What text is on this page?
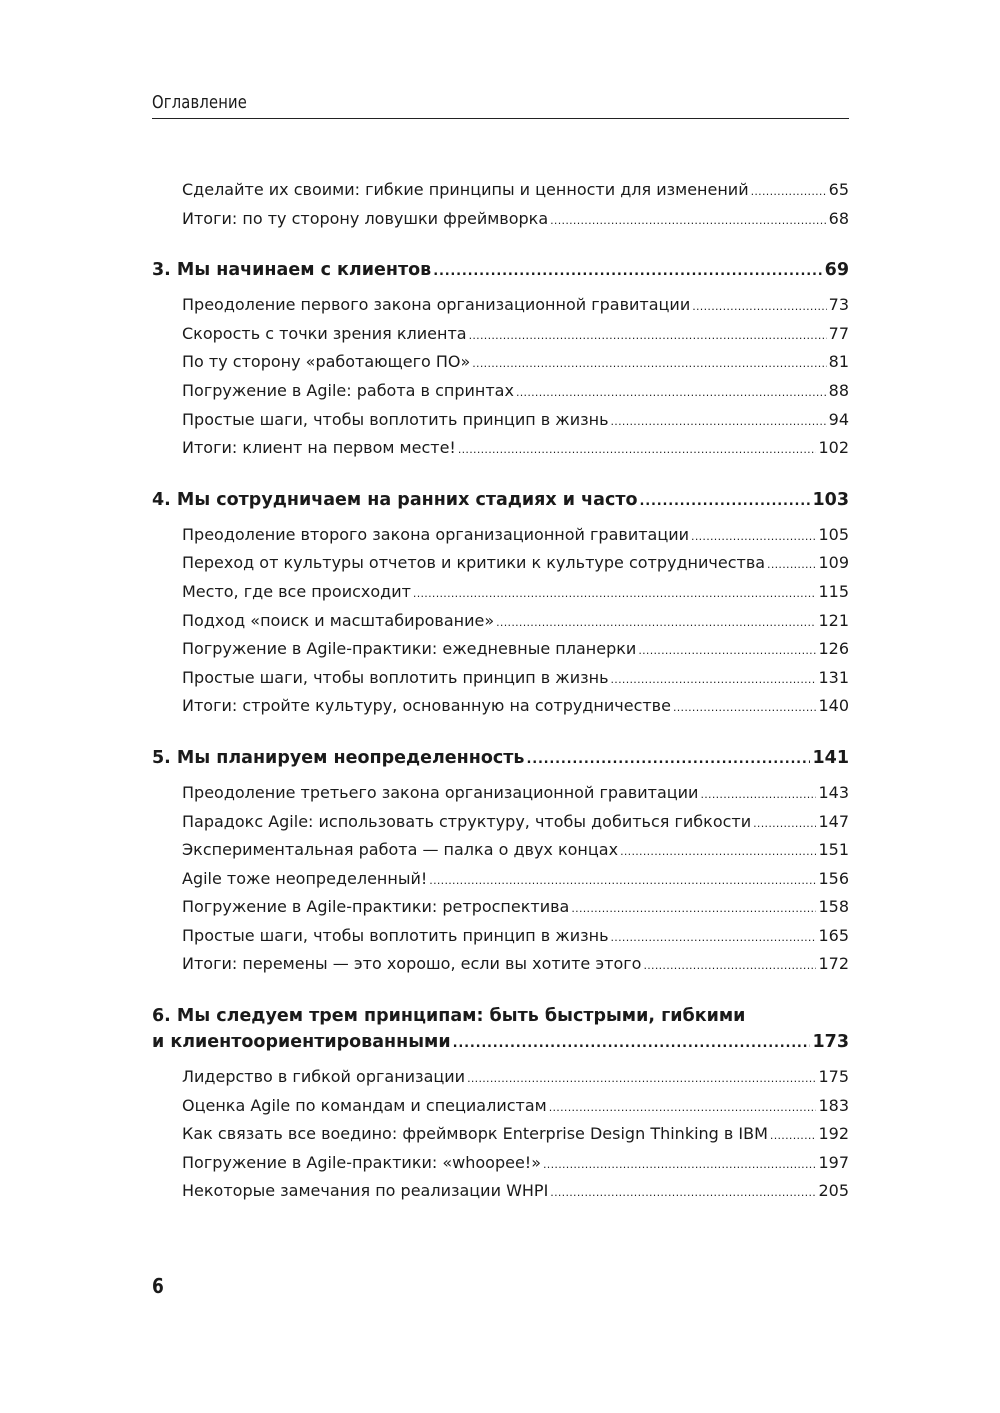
Оглавление
Сделайте их своими: гибкие принципы и ценности для изменений .....	65
Итоги: по ту сторону ловушки фреймворка .....	68
3. Мы начинаем с клиентов .....	69
Преодоление первого закона организационной гравитации .....	73
Скорость с точки зрения клиента .....	77
По ту сторону «работающего ПО» .....	81
Погружение в Agile: работа в спринтах .....	88
Простые шаги, чтобы воплотить принцип в жизнь .....	94
Итоги: клиент на первом месте! .....	102
4. Мы сотрудничаем на ранних стадиях и часто .....	103
Преодоление второго закона организационной гравитации .....	105
Переход от культуры отчетов и критики к культуре сотрудничества .....	109
Место, где все происходит .....	115
Подход «поиск и масштабирование» .....	121
Погружение в Agile-практики: ежедневные планерки .....	126
Простые шаги, чтобы воплотить принцип в жизнь .....	131
Итоги: стройте культуру, основанную на сотрудничестве .....	140
5. Мы планируем неопределенность .....	141
Преодоление третьего закона организационной гравитации .....	143
Парадокс Agile: использовать структуру, чтобы добиться гибкости .....	147
Экспериментальная работа — палка о двух концах .....	151
Agile тоже неопределенный! .....	156
Погружение в Agile-практики: ретроспектива .....	158
Простые шаги, чтобы воплотить принцип в жизнь .....	165
Итоги: перемены — это хорошо, если вы хотите этого .....	172
6. Мы следуем трем принципам: быть быстрыми, гибкими
и клиентоориентированными .....	173
Лидерство в гибкой организации .....	175
Оценка Agile по командам и специалистам .....	183
Как связать все воедино: фреймворк Enterprise Design Thinking в IBM .....	192
Погружение в Agile-практики: «whoopee!» .....	197
Некоторые замечания по реализации WHPI .....	205
6
